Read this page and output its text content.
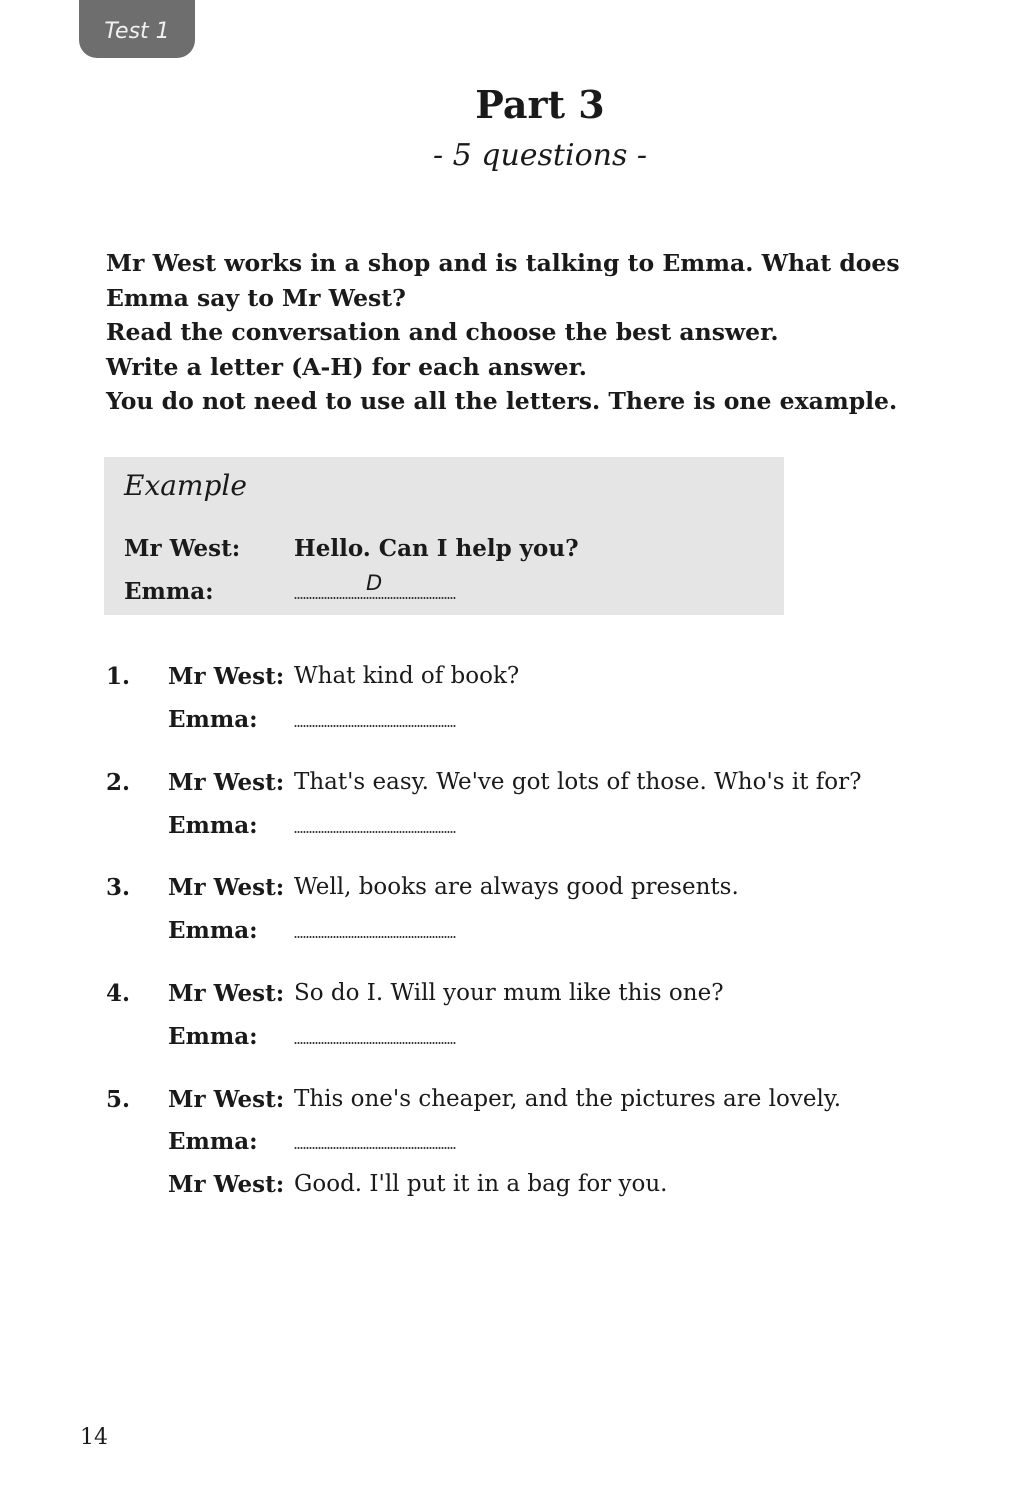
Test 1
Part 3
- 5 questions -

Mr West works in a shop and is talking to Emma. What does Emma say to Mr West?

Read the conversation and choose the best answer.

Write a letter (A-H) for each answer.

You do not need to use all the letters. There is one example.

Example
Mr West: Hello. Can I help you?
Emma:	D
1. Mr West: What kind of book?
Emma:
2. Mr West: That's easy. We've got lots of those. Who's it for?
Emma:
3. Mr West: Well, books are always good presents.
Emma:
4. Mr West: So do I. Will your mum like this one?
Emma:
5. Mr West: This one's cheaper, and the pictures are lovely.
Emma:
Mr West: Good. I'll put it in a bag for you.
14
